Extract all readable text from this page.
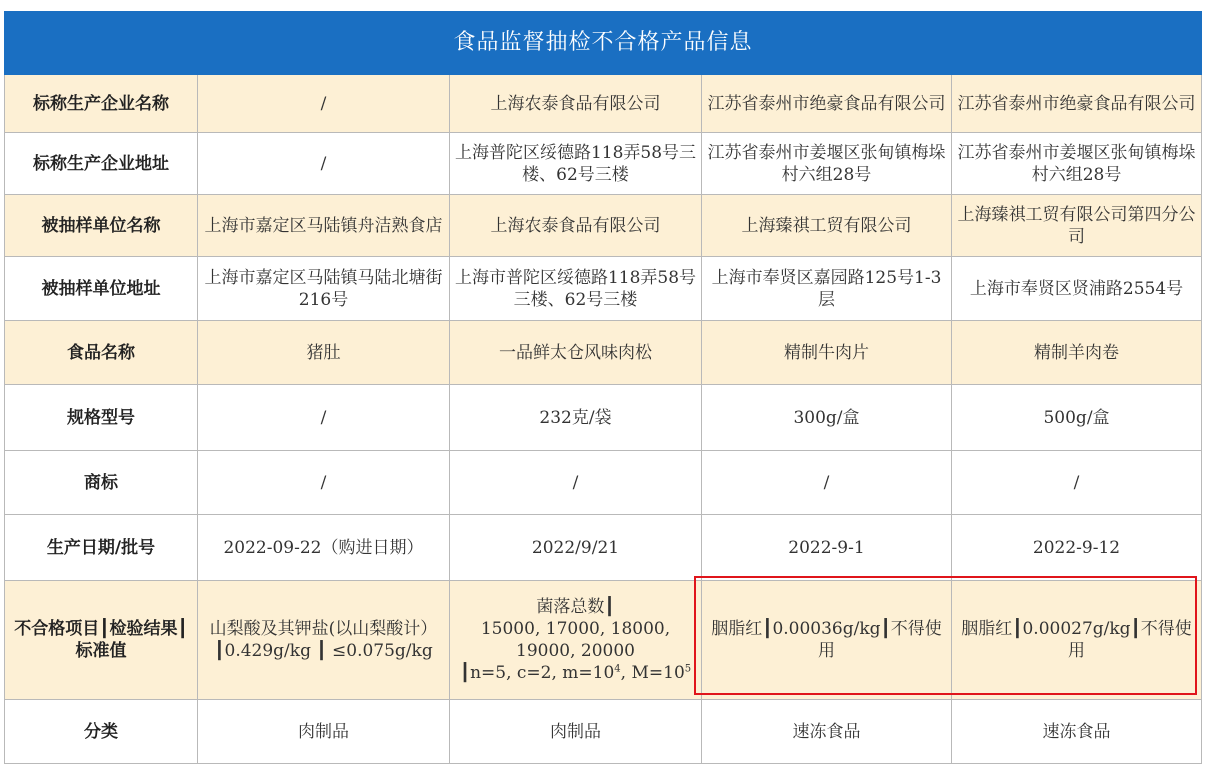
食品监督抽检不合格产品信息				
标称生产企业名称	/	上海农泰食品有限公司	江苏省泰州市绝豪食品有限公司	江苏省泰州市绝豪食品有限公司
标称生产企业地址	/	上海普陀区绥德路118弄58号三楼、62号三楼	江苏省泰州市姜堰区张甸镇梅垛村六组28号	江苏省泰州市姜堰区张甸镇梅垛村六组28号
被抽样单位名称	上海市嘉定区马陆镇舟洁熟食店	上海农泰食品有限公司	上海臻祺工贸有限公司	上海臻祺工贸有限公司第四分公司
被抽样单位地址	上海市嘉定区马陆镇马陆北塘街216号	上海市普陀区绥德路118弄58号三楼、62号三楼	上海市奉贤区嘉园路125号1-3层	上海市奉贤区贤浦路2554号
食品名称	猪肚	一品鲜太仓风味肉松	精制牛肉片	精制羊肉卷
规格型号	/	232克/袋	300g/盒	500g/盒
商标	/	/	/	/
生产日期/批号	2022-09-22（购进日期）	2022/9/21	2022-9-1	2022-9-12
不合格项目┃检验结果┃标准值	山梨酸及其钾盐(以山梨酸计）┃0.429g/kg ┃ ≤0.075g/kg	菌落总数┃
15000, 17000, 18000, 19000, 20000
┃n=5, c=2, $m=10^4$, $M=10^5$	胭脂红┃0.00036g/kg┃不得使用	胭脂红┃0.00027g/kg┃不得使用
分类	肉制品	肉制品	速冻食品	速冻食品
